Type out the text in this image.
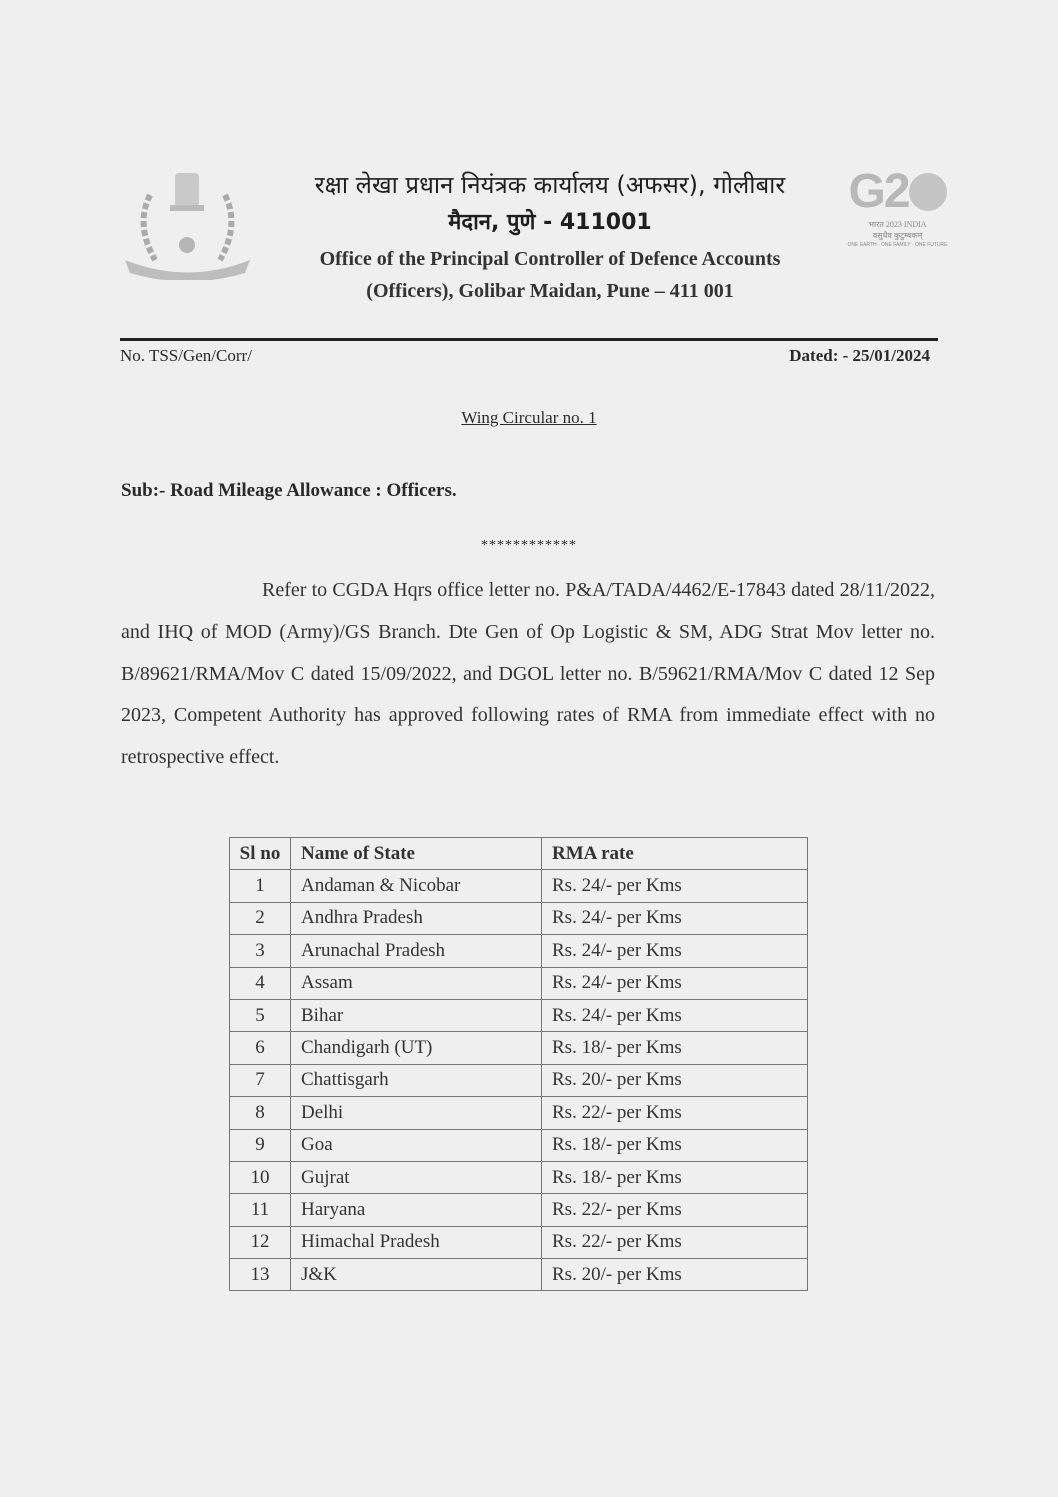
G2
भारत 2023 INDIA
वसुधैव कुटुम्बकम्
ONE EARTH · ONE FAMILY · ONE FUTURE
रक्षा लेखा प्रधान नियंत्रक कार्यालय (अफसर), गोलीबार
मैदान, पुणे - 411001
Office of the Principal Controller of Defence Accounts
(Officers), Golibar Maidan, Pune – 411 001
No. TSS/Gen/Corr/	Dated: - 25/01/2024
Wing Circular no. 1
Sub:- Road Mileage Allowance : Officers.
************
Refer to CGDA Hqrs office letter no. P&A/TADA/4462/E-17843 dated 28/11/2022, and IHQ of MOD (Army)/GS Branch. Dte Gen of Op Logistic & SM, ADG Strat Mov letter no. B/89621/RMA/Mov C dated 15/09/2022, and DGOL letter no. B/59621/RMA/Mov C dated 12 Sep 2023, Competent Authority has approved following rates of RMA from immediate effect with no retrospective effect.
Sl no	Name of State	RMA rate
1	Andaman & Nicobar	Rs. 24/- per Kms
2	Andhra Pradesh	Rs. 24/- per Kms
3	Arunachal Pradesh	Rs. 24/- per Kms
4	Assam	Rs. 24/- per Kms
5	Bihar	Rs. 24/- per Kms
6	Chandigarh (UT)	Rs. 18/- per Kms
7	Chattisgarh	Rs. 20/- per Kms
8	Delhi	Rs. 22/- per Kms
9	Goa	Rs. 18/- per Kms
10	Gujrat	Rs. 18/- per Kms
11	Haryana	Rs. 22/- per Kms
12	Himachal Pradesh	Rs. 22/- per Kms
13	J&K	Rs. 20/- per Kms
